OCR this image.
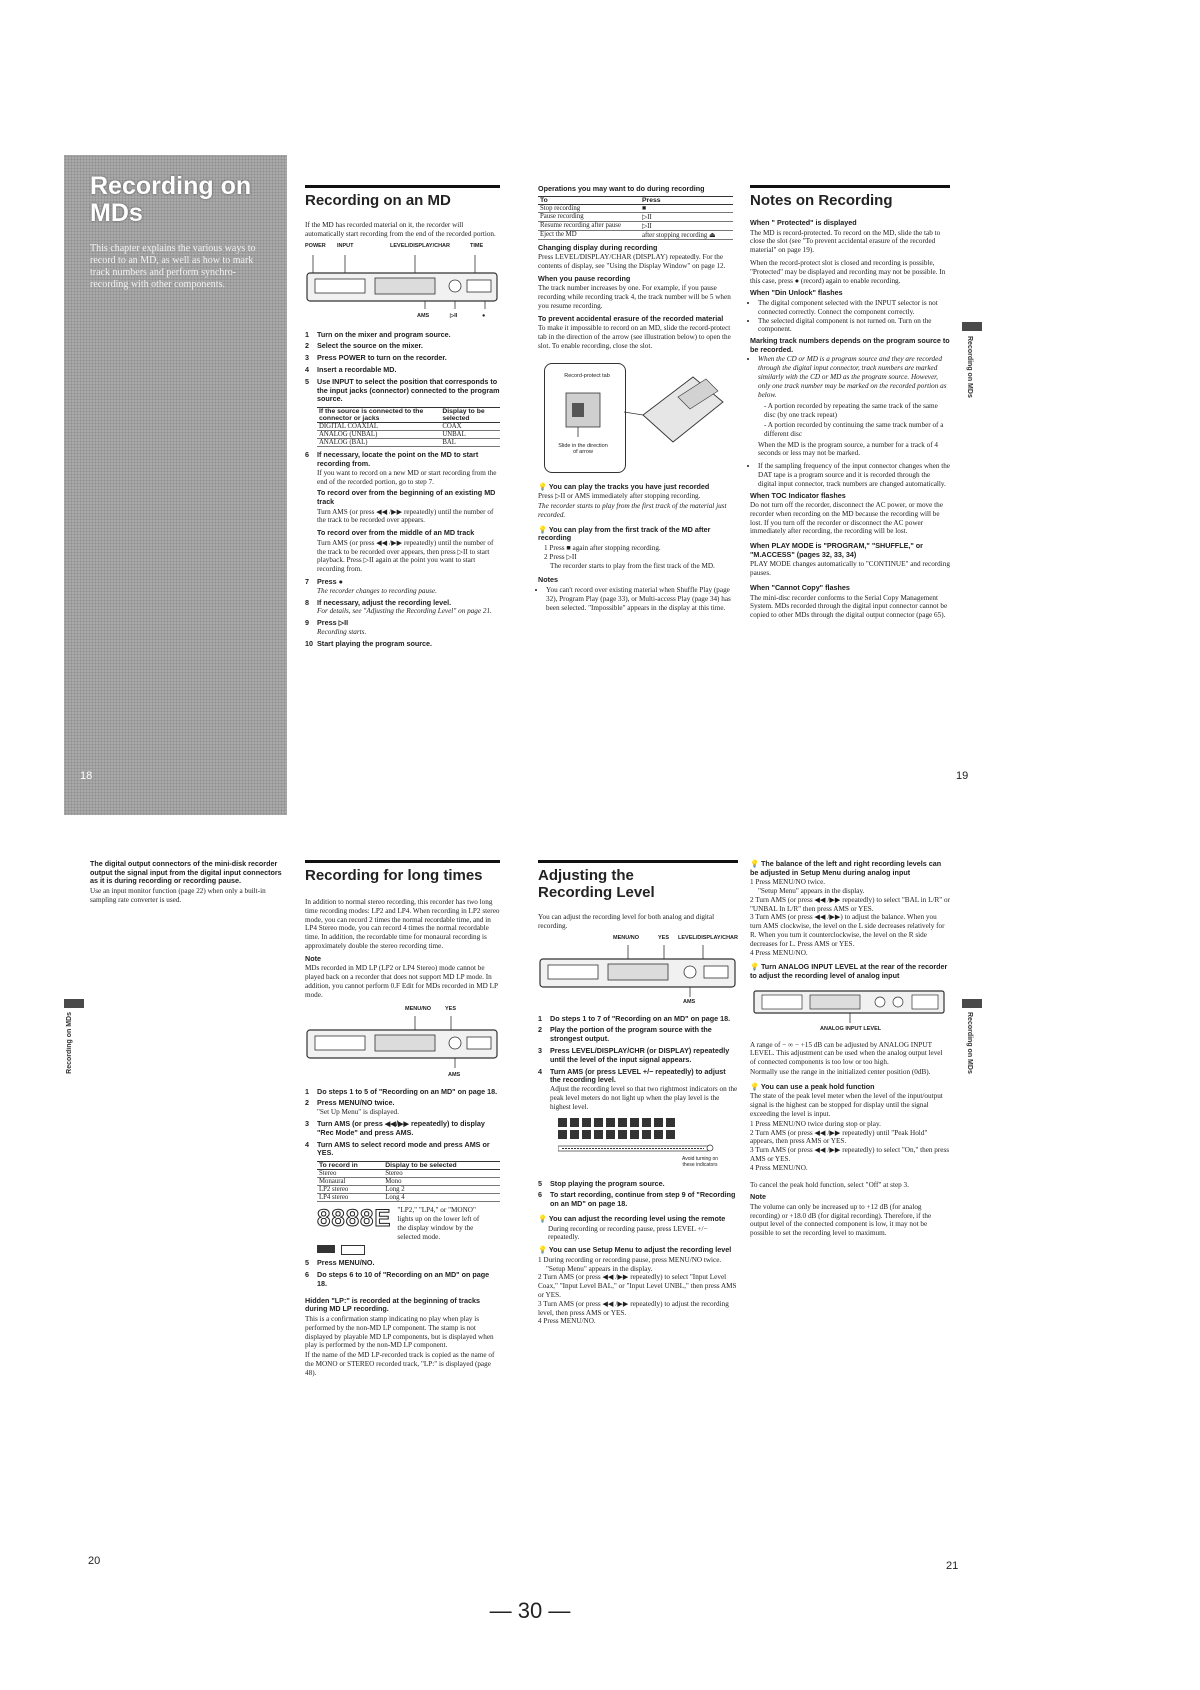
Recording on MDs
This chapter explains the various ways to record to an MD, as well as how to mark track numbers and perform synchro-recording with other components.
18
Recording on an MD

If the MD has recorded material on it, the recorder will automatically start recording from the end of the recorded portion.

POWER INPUT	LEVEL/DISPLAY/CHAR	TIME
AMS	▷II	●
1	Turn on the mixer and program source.
2	Select the source on the mixer.
3	Press POWER to turn on the recorder.
4	Insert a recordable MD.
5	Use INPUT to select the position that corresponds to the input jacks (connector) connected to the program source.
If the source is connected to the connector or jacks	Display to be selected
DIGITAL COAXIAL	COAX
ANALOG (UNBAL)	UNBAL
ANALOG (BAL)	BAL
6	If necessary, locate the point on the MD to start recording from.
If you want to record on a new MD or start recording from the end of the recorded portion, go to step 7.
To record over from the beginning of an existing MD track

Turn AMS (or press ◀◀ /▶▶ repeatedly) until the number of the track to be recorded over appears.

To record over from the middle of an MD track

Turn AMS (or press ◀◀ /▶▶ repeatedly) until the number of the track to be recorded over appears, then press ▷II to start playback. Press ▷II again at the point you want to start recording from.

7	Press ●
The recorder changes to recording pause.
8	If necessary, adjust the recording level.
For details, see "Adjusting the Recording Level" on page 21.
9	Press ▷II
Recording starts.
10 Start playing the program source.
Operations you may want to do during recording
To	Press
Stop recording	■
Pause recording	▷II
Resume recording after pause	▷II
Eject the MD	after stopping recording ⏏
Changing display during recording

Press LEVEL/DISPLAY/CHAR (DISPLAY) repeatedly. For the contents of display, see "Using the Display Window" on page 12.

When you pause recording

The track number increases by one. For example, if you pause recording while recording track 4, the track number will be 5 when you resume recording.

To prevent accidental erasure of the recorded material

To make it impossible to record on an MD, slide the record-protect tab in the direction of the arrow (see illustration below) to open the slot. To enable recording, close the slot.

Record-protect tab
Slide in the direction of arrow
💡 You can play the tracks you have just recorded

Press ▷II or AMS immediately after stopping recording.

The recorder starts to play from the first track of the material just recorded.

💡 You can play from the first track of the MD after recording

1 Press ■ again after stopping recording.

2 Press ▷II

The recorder starts to play from the first track of the MD.

Notes
• You can't record over existing material when Shuffle Play (page 32), Program Play (page 33), or Multi-access Play (page 34) has been selected. "Impossible" appears in the display at this time.
Notes on Recording
When " Protected" is displayed

The MD is record-protected. To record on the MD, slide the tab to close the slot (see "To prevent accidental erasure of the recorded material" on page 19).

When the record-protect slot is closed and recording is possible, "Protected" may be displayed and recording may not be possible. In this case, press ● (record) again to enable recording.

When "Din Unlock" flashes
• The digital component selected with the INPUT selector is not connected correctly. Connect the component correctly.
• The selected digital component is not turned on. Turn on the component.
Marking track numbers depends on the program source to be recorded.
• When the CD or MD is a program source and they are recorded through the digital input connector, track numbers are marked similarly with the CD or MD as the program source. However, only one track number may be marked on the recorded portion as below.

- A portion recorded by repeating the same track of the same disc (by one track repeat)

- A portion recorded by continuing the same track number of a different disc

When the MD is the program source, a number for a track of 4 seconds or less may not be marked.

• If the sampling frequency of the input connector changes when the DAT tape is a program source and it is recorded through the digital input connector, track numbers are changed automatically.
When TOC Indicator flashes

Do not turn off the recorder, disconnect the AC power, or move the recorder when recording on the MD because the recording will be lost. If you turn off the recorder or disconnect the AC power immediately after recording, the recording will be lost.

When PLAY MODE is "PROGRAM," "SHUFFLE," or "M.ACCESS" (pages 32, 33, 34)

PLAY MODE changes automatically to "CONTINUE" and recording pauses.

When "Cannot Copy" flashes

The mini-disc recorder conforms to the Serial Copy Management System. MDs recorded through the digital input connector cannot be copied to other MDs through the digital output connector (page 65).

Recording on MDs
19
The digital output connectors of the mini-disk recorder output the signal input from the digital input connectors as it is during recording or recording pause.

Use an input monitor function (page 22) when only a built-in sampling rate converter is used.

Recording on MDs
Recording for long times

In addition to normal stereo recording, this recorder has two long time recording modes: LP2 and LP4. When recording in LP2 stereo mode, you can record 2 times the normal recordable time, and in LP4 Stereo mode, you can record 4 times the normal recordable time. In addition, the recordable time for monaural recording is approximately double the stereo recording time.

Note

MDs recorded in MD LP (LP2 or LP4 Stereo) mode cannot be played back on a recorder that does not support MD LP mode. In addition, you cannot perform 0.F Edit for MDs recorded in MD LP mode.

MENU/NO	YES
AMS
1	Do steps 1 to 5 of "Recording on an MD" on page 18.
2	Press MENU/NO twice.
"Set Up Menu" is displayed.
3	Turn AMS (or press ◀◀/▶▶ repeatedly) to display "Rec Mode" and press AMS.
4	Turn AMS to select record mode and press AMS or YES.
To record in	Display to be selected
Stereo	Stereo
Monaural	Mono
LP2 stereo	Long 2
LP4 stereo	Long 4
8888E "LP2," "LP4," or "MONO" lights up on the lower left of the display window by the selected mode.

5	Press MENU/NO.
6	Do steps 6 to 10 of "Recording on an MD" on page 18.
Hidden "LP:" is recorded at the beginning of tracks during MD LP recording.

This is a confirmation stamp indicating no play when play is performed by the non-MD LP component. The stamp is not displayed by playable MD LP components, but is displayed when play is performed by the non-MD LP component.

If the name of the MD LP-recorded track is copied as the name of the MONO or STEREO recorded track, "LP:" is displayed (page 48).

20
Adjusting the Recording Level

You can adjust the recording level for both analog and digital recording.

MENU/NO	YES LEVEL/DISPLAY/CHAR
AMS
1	Do steps 1 to 7 of "Recording on an MD" on page 18.
2	Play the portion of the program source with the strongest output.
3	Press LEVEL/DISPLAY/CHR (or DISPLAY) repeatedly until the level of the input signal appears.
4	Turn AMS (or press LEVEL +/− repeatedly) to adjust the recording level.
Adjust the recording level so that two rightmost indicators on the peak level meters do not light up when the play level is the highest level.
Avoid turning on these indicators
5	Stop playing the program source.
6	To start recording, continue from step 9 of "Recording on an MD" on page 18.
💡 You can adjust the recording level using the remote

During recording or recording pause, press LEVEL +/− repeatedly.

💡 You can use Setup Menu to adjust the recording level

1 During recording or recording pause, press MENU/NO twice.

"Setup Menu" appears in the display.

2 Turn AMS (or press ◀◀ /▶▶ repeatedly) to select "Input Level Coax," "Input Level BAL," or "Input Level UNBL," then press AMS or YES.

3 Turn AMS (or press ◀◀ /▶▶ repeatedly) to adjust the recording level, then press AMS or YES.

4 Press MENU/NO.

💡 The balance of the left and right recording levels can be adjusted in Setup Menu during analog input

1 Press MENU/NO twice.

"Setup Menu" appears in the display.

2 Turn AMS (or press ◀◀ /▶▶ repeatedly) to select "BAL in L/R" or "UNBAL In L/R" then press AMS or YES.

3 Turn AMS (or press ◀◀ /▶▶) to adjust the balance. When you turn AMS clockwise, the level on the L side decreases relatively for R. When you turn it counterclockwise, the level on the R side decreases for L. Press AMS or YES.

4 Press MENU/NO.

💡 Turn ANALOG INPUT LEVEL at the rear of the recorder to adjust the recording level of analog input
ANALOG INPUT LEVEL

A range of − ∞ − +15 dB can be adjusted by ANALOG INPUT LEVEL. This adjustment can be used when the analog output level of connected components is too low or too high.

Normally use the range in the initialized center position (0dB).

💡 You can use a peak hold function

The state of the peak level meter when the level of the input/output signal is the highest can be stopped for display until the signal exceeding the level is input.

1 Press MENU/NO twice during stop or play.

2 Turn AMS (or press ◀◀ /▶▶ repeatedly) until "Peak Hold" appears, then press AMS or YES.

3 Turn AMS (or press ◀◀ /▶▶ repeatedly) to select "On," then press AMS or YES.

4 Press MENU/NO.

To cancel the peak hold function, select "Off" at step 3.

Note

The volume can only be increased up to +12 dB (for analog recording) or +18.0 dB (for digital recording). Therefore, if the output level of the connected component is low, it may not be possible to set the recording level to maximum.

Recording on MDs
21
— 30 —
